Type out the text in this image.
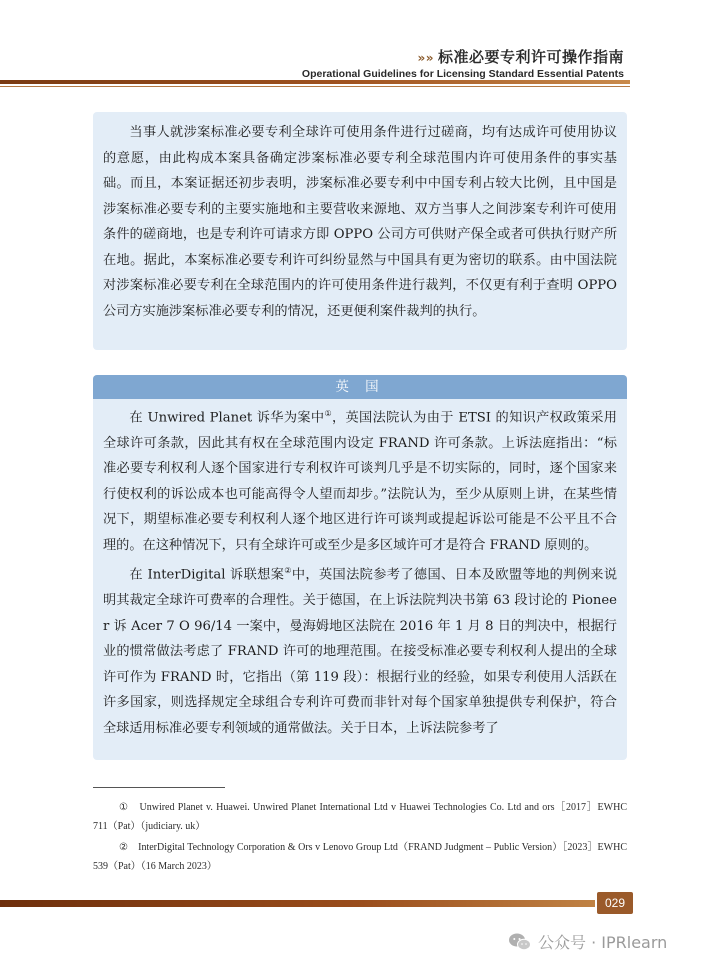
»» 标准必要专利许可操作指南
Operational Guidelines for Licensing Standard Essential Patents

当事人就涉案标准必要专利全球许可使用条件进行过磋商，均有达成许可使用协议的意愿，由此构成本案具备确定涉案标准必要专利全球范围内许可使用条件的事实基础。而且，本案证据还初步表明，涉案标准必要专利中中国专利占较大比例，且中国是涉案标准必要专利的主要实施地和主要营收来源地、双方当事人之间涉案专利许可使用条件的磋商地，也是专利许可请求方即 OPPO 公司方可供财产保全或者可供执行财产所在地。据此，本案标准必要专利许可纠纷显然与中国具有更为密切的联系。由中国法院对涉案标准必要专利在全球范围内的许可使用条件进行裁判，不仅更有利于查明 OPPO 公司方实施涉案标准必要专利的情况，还更便利案件裁判的执行。

英 国

在 Unwired Planet 诉华为案中①，英国法院认为由于 ETSI 的知识产权政策采用全球许可条款，因此其有权在全球范围内设定 FRAND 许可条款。上诉法庭指出：“标准必要专利权利人逐个国家进行专利权许可谈判几乎是不切实际的，同时，逐个国家来行使权利的诉讼成本也可能高得令人望而却步。”法院认为，至少从原则上讲，在某些情况下，期望标准必要专利权利人逐个地区进行许可谈判或提起诉讼可能是不公平且不合理的。在这种情况下，只有全球许可或至少是多区域许可才是符合 FRAND 原则的。

在 InterDigital 诉联想案②中，英国法院参考了德国、日本及欧盟等地的判例来说明其裁定全球许可费率的合理性。关于德国，在上诉法院判决书第 63 段讨论的 Pioneer 诉 Acer 7 O 96/14 一案中，曼海姆地区法院在 2016 年 1 月 8 日的判决中，根据行业的惯常做法考虑了 FRAND 许可的地理范围。在接受标准必要专利权利人提出的全球许可作为 FRAND 时，它指出（第 119 段）：根据行业的经验，如果专利使用人活跃在许多国家，则选择规定全球组合专利许可费而非针对每个国家单独提供专利保护，符合全球适用标准必要专利领域的通常做法。关于日本，上诉法院参考了

①　Unwired Planet v. Huawei. Unwired Planet International Ltd v Huawei Technologies Co. Ltd and ors［2017］EWHC 711（Pat）（judiciary. uk）

②　InterDigital Technology Corporation & Ors v Lenovo Group Ltd（FRAND Judgment – Public Version）［2023］EWHC 539（Pat）（16 March 2023）

029
公众号 · IPRlearn
